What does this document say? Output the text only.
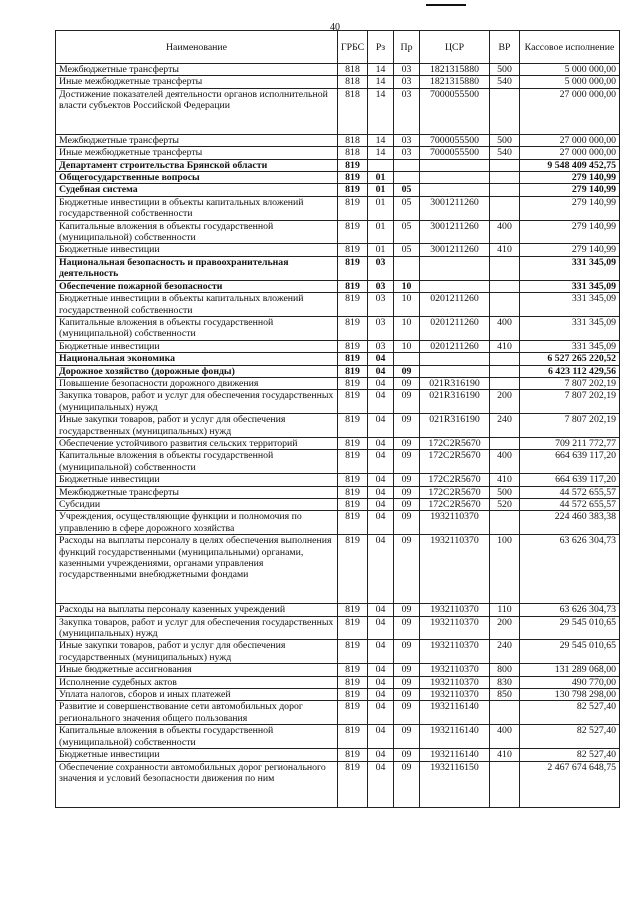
40
Наименование	ГРБС	Рз	Пр	ЦСР	ВР	Кассовое исполнение
Межбюджетные трансферты	818	14	03	1821315880	500	5 000 000,00
Иные межбюджетные трансферты	818	14	03	1821315880	540	5 000 000,00
Достижение показателей деятельности органов исполнительной власти субъектов Российской Федерации	818	14	03	7000055500		27 000 000,00
Межбюджетные трансферты	818	14	03	7000055500	500	27 000 000,00
Иные межбюджетные трансферты	818	14	03	7000055500	540	27 000 000,00
Департамент строительства Брянской области	819					9 548 409 452,75
Общегосударственные вопросы	819	01				279 140,99
Судебная система	819	01	05			279 140,99
Бюджетные инвестиции в объекты капитальных вложений государственной собственности	819	01	05	3001211260		279 140,99
Капитальные вложения в объекты государственной (муниципальной) собственности	819	01	05	3001211260	400	279 140,99
Бюджетные инвестиции	819	01	05	3001211260	410	279 140,99
Национальная безопасность и правоохранительная деятельность	819	03				331 345,09
Обеспечение пожарной безопасности	819	03	10			331 345,09
Бюджетные инвестиции в объекты капитальных вложений государственной собственности	819	03	10	0201211260		331 345,09
Капитальные вложения в объекты государственной (муниципальной) собственности	819	03	10	0201211260	400	331 345,09
Бюджетные инвестиции	819	03	10	0201211260	410	331 345,09
Национальная экономика	819	04				6 527 265 220,52
Дорожное хозяйство (дорожные фонды)	819	04	09			6 423 112 429,56
Повышение безопасности дорожного движения	819	04	09	021R316190		7 807 202,19
Закупка товаров, работ и услуг для обеспечения государственных (муниципальных) нужд	819	04	09	021R316190	200	7 807 202,19
Иные закупки товаров, работ и услуг для обеспечения государственных (муниципальных) нужд	819	04	09	021R316190	240	7 807 202,19
Обеспечение устойчивого развития сельских территорий	819	04	09	172C2R5670		709 211 772,77
Капитальные вложения в объекты государственной (муниципальной) собственности	819	04	09	172C2R5670	400	664 639 117,20
Бюджетные инвестиции	819	04	09	172C2R5670	410	664 639 117,20
Межбюджетные трансферты	819	04	09	172C2R5670	500	44 572 655,57
Субсидии	819	04	09	172C2R5670	520	44 572 655,57
Учреждения, осуществляющие функции и полномочия по управлению в сфере дорожного хозяйства	819	04	09	1932110370		224 460 383,38
Расходы на выплаты персоналу в целях обеспечения выполнения функций государственными (муниципальными) органами, казенными учреждениями, органами управления государственными внебюджетными фондами	819	04	09	1932110370	100	63 626 304,73
Расходы на выплаты персоналу казенных учреждений	819	04	09	1932110370	110	63 626 304,73
Закупка товаров, работ и услуг для обеспечения государственных (муниципальных) нужд	819	04	09	1932110370	200	29 545 010,65
Иные закупки товаров, работ и услуг для обеспечения государственных (муниципальных) нужд	819	04	09	1932110370	240	29 545 010,65
Иные бюджетные ассигнования	819	04	09	1932110370	800	131 289 068,00
Исполнение судебных актов	819	04	09	1932110370	830	490 770,00
Уплата налогов, сборов и иных платежей	819	04	09	1932110370	850	130 798 298,00
Развитие и совершенствование сети автомобильных дорог регионального значения общего пользования	819	04	09	1932116140		82 527,40
Капитальные вложения в объекты государственной (муниципальной) собственности	819	04	09	1932116140	400	82 527,40
Бюджетные инвестиции	819	04	09	1932116140	410	82 527,40
Обеспечение сохранности автомобильных дорог регионального значения и условий безопасности движения по ним	819	04	09	1932116150		2 467 674 648,75
